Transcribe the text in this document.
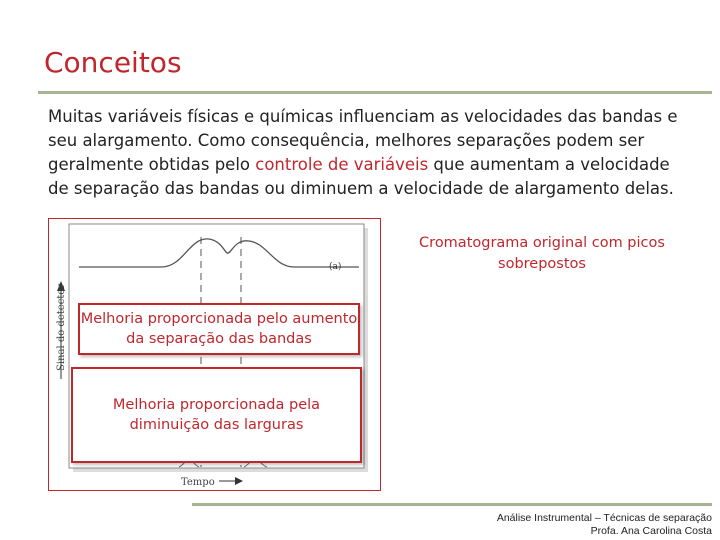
Conceitos
Muitas variáveis físicas e químicas influenciam as velocidades das bandas e seu alargamento. Como consequência, melhores separações podem ser geralmente obtidas pelo controle de variáveis que aumentam a velocidade de separação das bandas ou diminuem a velocidade de alargamento delas.
(a)
Sinal do detector
Tempo
Melhoria proporcionada pelo aumento da separação das bandas
Melhoria proporcionada pela diminuição das larguras
Cromatograma original com picos sobrepostos
Análise Instrumental – Técnicas de separação
Profa. Ana Carolina Costa
